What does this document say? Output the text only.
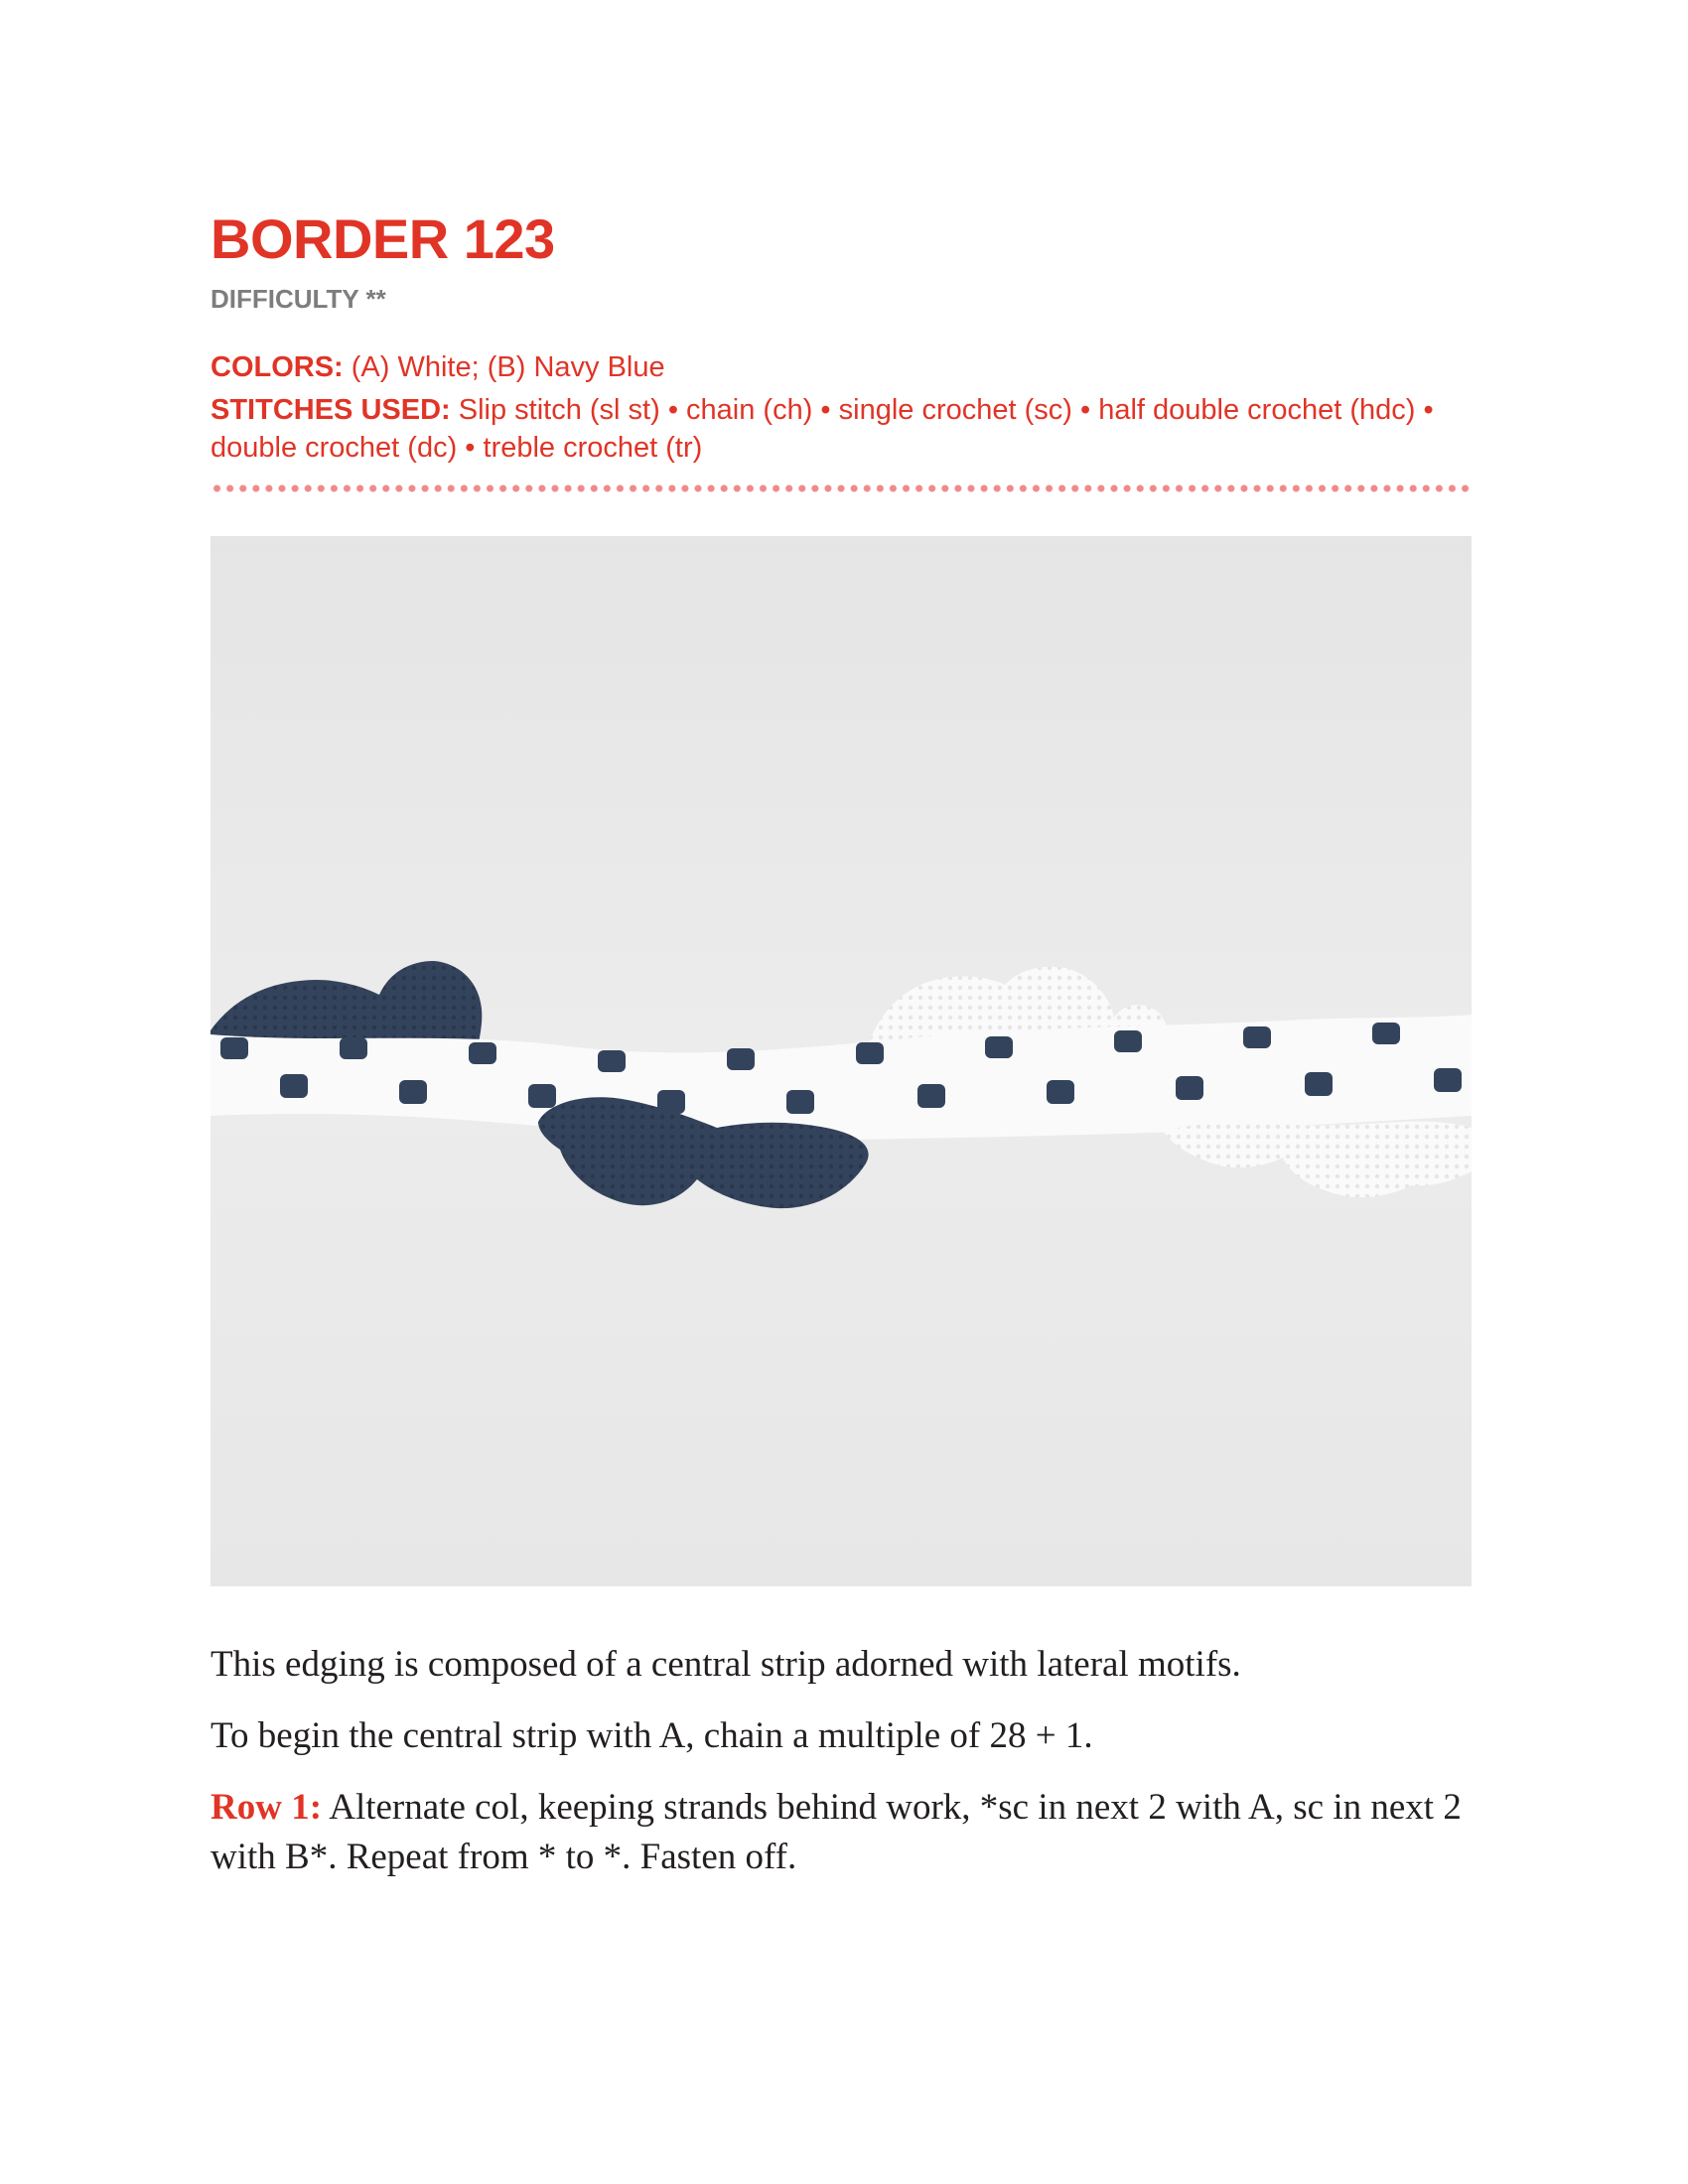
BORDER 123
DIFFICULTY **
COLORS: (A) White; (B) Navy Blue
STITCHES USED: Slip stitch (sl st) • chain (ch) • single crochet (sc) • half double crochet (hdc) • double crochet (dc) • treble crochet (tr)

This edging is composed of a central strip adorned with lateral motifs.

To begin the central strip with A, chain a multiple of 28 + 1.

Row 1: Alternate col, keeping strands behind work, *sc in next 2 with A, sc in next 2 with B*. Repeat from * to *. Fasten off.
